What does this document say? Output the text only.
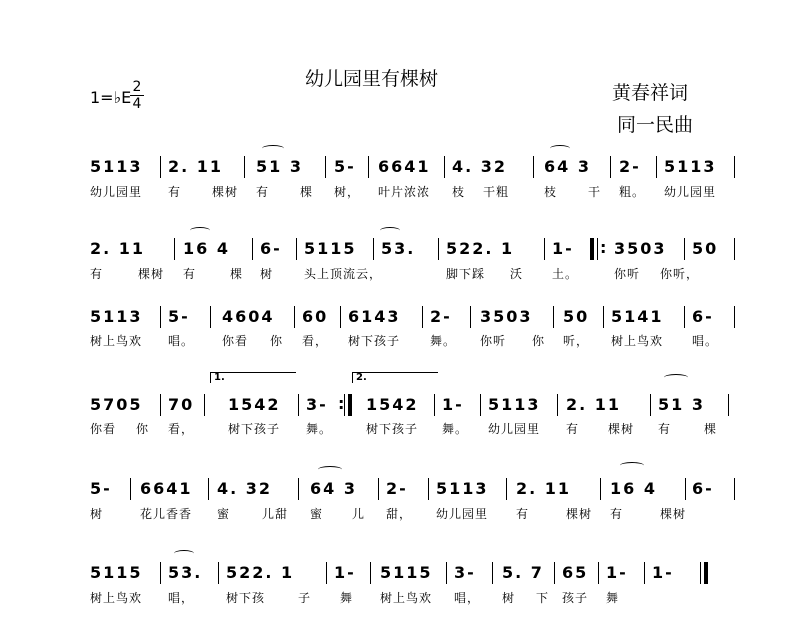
幼儿园里有棵树
黄春祥词
同一民曲
1=♭E
2
4
5113 2. 11 51 3 5- 6641 4. 32 64 3 2- 5113
幼儿园里 有	棵树 有	棵 树， 叶片浓浓 枝 干粗	枝	干 粗。 幼儿园里
2. 11 16 4 6- 5115 53. 522. 1 1- : 3503 50
有	棵树 有	棵 树	头上顶流云，	脚下踩 沃 土。	你听 你听，
5113 5- 4604 60 6143 2- 3503 50 5141 6-
树上鸟欢 唱。 你看 你 看， 树下孩子 舞。 你听 你 听， 树上鸟欢 唱。
5705 70
1.
1542 3- :
2.
1542 1- 5113 2. 11 51 3
你看 你 看，	树下孩子 舞。	树下孩子 舞。 幼儿园里 有 棵树 有	棵
5- 6641 4. 32 64 3 2- 5113 2. 11 16 4 6-
树	花儿香香 蜜	儿甜 蜜 儿 甜， 幼儿园里 有	棵树 有	棵树
5115 53. 522. 1 1- 5115 3- 5. 7 65 1- 1-
树上鸟欢 唱，	树下孩	子 舞 树上鸟欢 唱， 树 下 孩子 舞
